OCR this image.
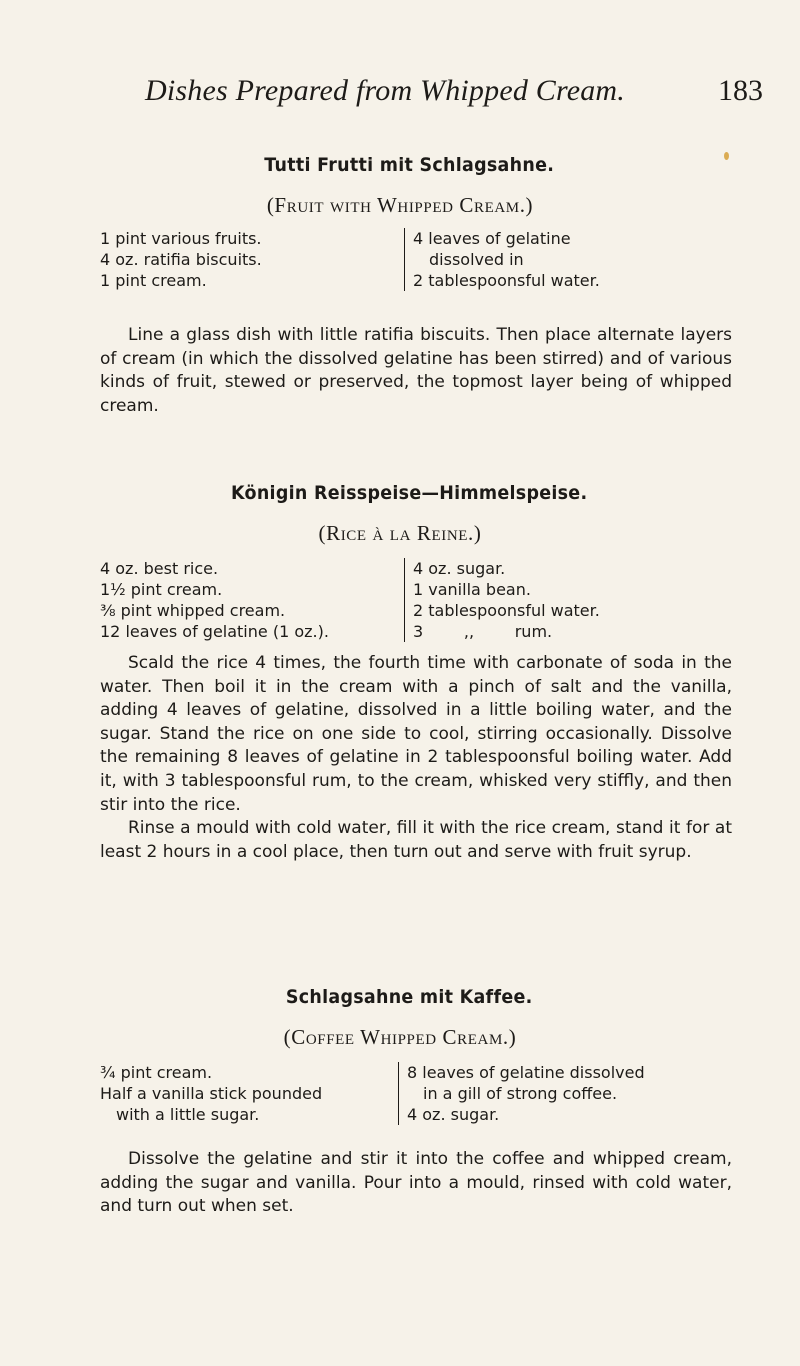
Dishes Prepared from Whipped Cream.	183
Tutti Frutti mit Schlagsahne.
(Fruit with Whipped Cream.)
1 pint various fruits.
4 oz. ratifia biscuits.
1 pint cream.
4 leaves of gelatine
dissolved in
2 tablespoonsful water.

Line a glass dish with little ratifia biscuits. Then place alternate layers of cream (in which the dissolved gelatine has been stirred) and of various kinds of fruit, stewed or preserved, the topmost layer being of whipped cream.

Königin Reisspeise—Himmelspeise.
(Rice à la Reine.)
4 oz. best rice.
1½ pint cream.
⅜ pint whipped cream.
12 leaves of gelatine (1 oz.).
4 oz. sugar.
1 vanilla bean.
2 tablespoonsful water.
3        ,,        rum.

Scald the rice 4 times, the fourth time with carbonate of soda in the water. Then boil it in the cream with a pinch of salt and the vanilla, adding 4 leaves of gelatine, dissolved in a little boiling water, and the sugar. Stand the rice on one side to cool, stirring occasionally. Dissolve the remaining 8 leaves of gelatine in 2 tablespoonsful boiling water. Add it, with 3 tablespoonsful rum, to the cream, whisked very stiffly, and then stir into the rice.

Rinse a mould with cold water, fill it with the rice cream, stand it for at least 2 hours in a cool place, then turn out and serve with fruit syrup.

Schlagsahne mit Kaffee.
(Coffee Whipped Cream.)
¾ pint cream.
Half a vanilla stick pounded
with a little sugar.
8 leaves of gelatine dissolved
in a gill of strong coffee.
4 oz. sugar.

Dissolve the gelatine and stir it into the coffee and whipped cream, adding the sugar and vanilla. Pour into a mould, rinsed with cold water, and turn out when set.
